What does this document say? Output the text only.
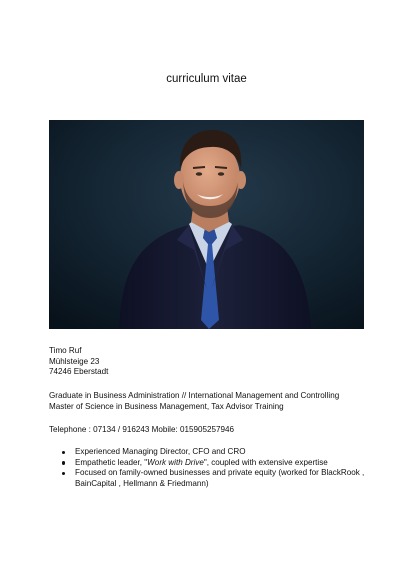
curriculum vitae
Timo Ruf
Mühlsteige 23
74246 Eberstadt
Graduate in Business Administration // International Management and Controlling
Master of Science in Business Management, Tax Advisor Training
Telephone : 07134 / 916243 Mobile: 015905257946
Experienced Managing Director, CFO and CRO
Empathetic leader, "Work with Drive", coupled with extensive expertise
Focused on family-owned businesses and private equity (worked for BlackRook ,
BainCapital , Hellmann & Friedmann)
